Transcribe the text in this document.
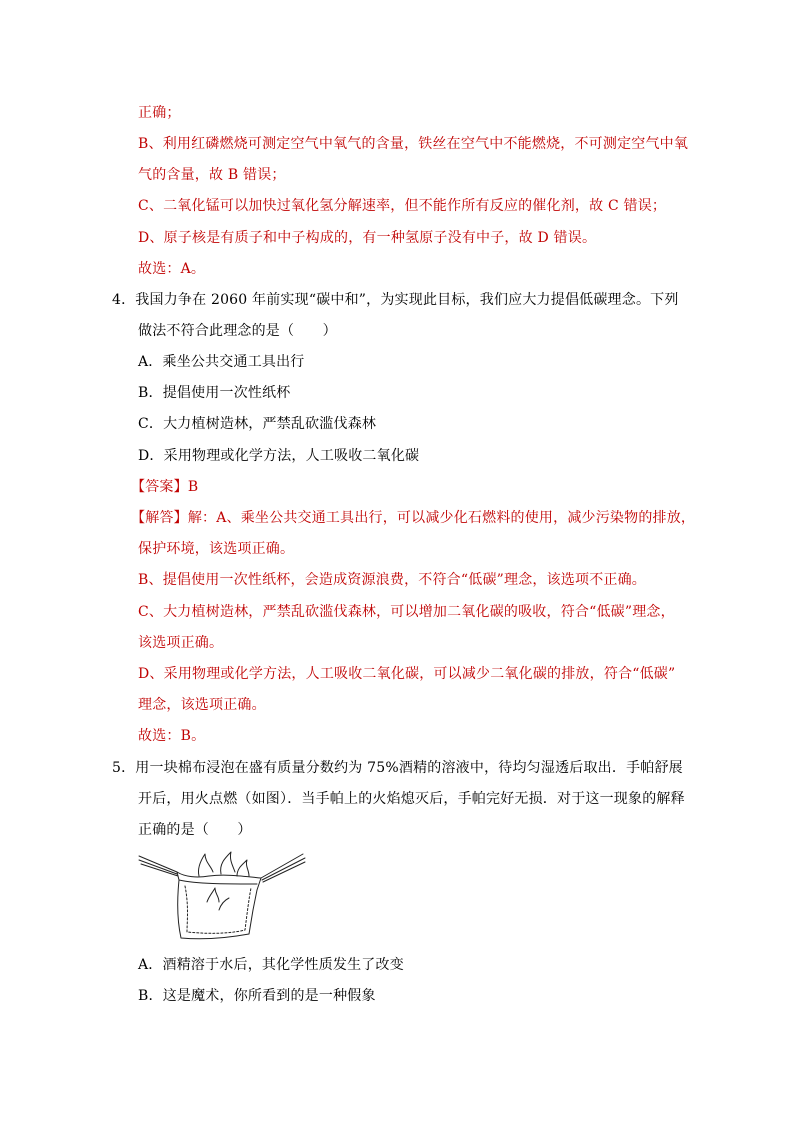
正确；
B、利用红磷燃烧可测定空气中氧气的含量，铁丝在空气中不能燃烧，不可测定空气中氧
气的含量，故 B 错误；
C、二氧化锰可以加快过氧化氢分解速率，但不能作所有反应的催化剂，故 C 错误；
D、原子核是有质子和中子构成的，有一种氢原子没有中子，故 D 错误。
故选：A。
4．我国力争在 2060 年前实现“碳中和”，为实现此目标，我们应大力提倡低碳理念。下列
做法不符合此理念的是（　　）
A．乘坐公共交通工具出行
B．提倡使用一次性纸杯
C．大力植树造林，严禁乱砍滥伐森林
D．采用物理或化学方法，人工吸收二氧化碳
【答案】B
【解答】解：A、乘坐公共交通工具出行，可以减少化石燃料的使用，减少污染物的排放，
保护环境，该选项正确。
B、提倡使用一次性纸杯，会造成资源浪费，不符合“低碳”理念，该选项不正确。
C、大力植树造林，严禁乱砍滥伐森林，可以增加二氧化碳的吸收，符合“低碳”理念，
该选项正确。
D、采用物理或化学方法，人工吸收二氧化碳，可以减少二氧化碳的排放，符合“低碳”
理念，该选项正确。
故选：B。
5．用一块棉布浸泡在盛有质量分数约为 75%酒精的溶液中，待均匀湿透后取出．手帕舒展
开后，用火点燃（如图）．当手帕上的火焰熄灭后，手帕完好无损．对于这一现象的解释
正确的是（　　）
A．酒精溶于水后，其化学性质发生了改变
B．这是魔术，你所看到的是一种假象
